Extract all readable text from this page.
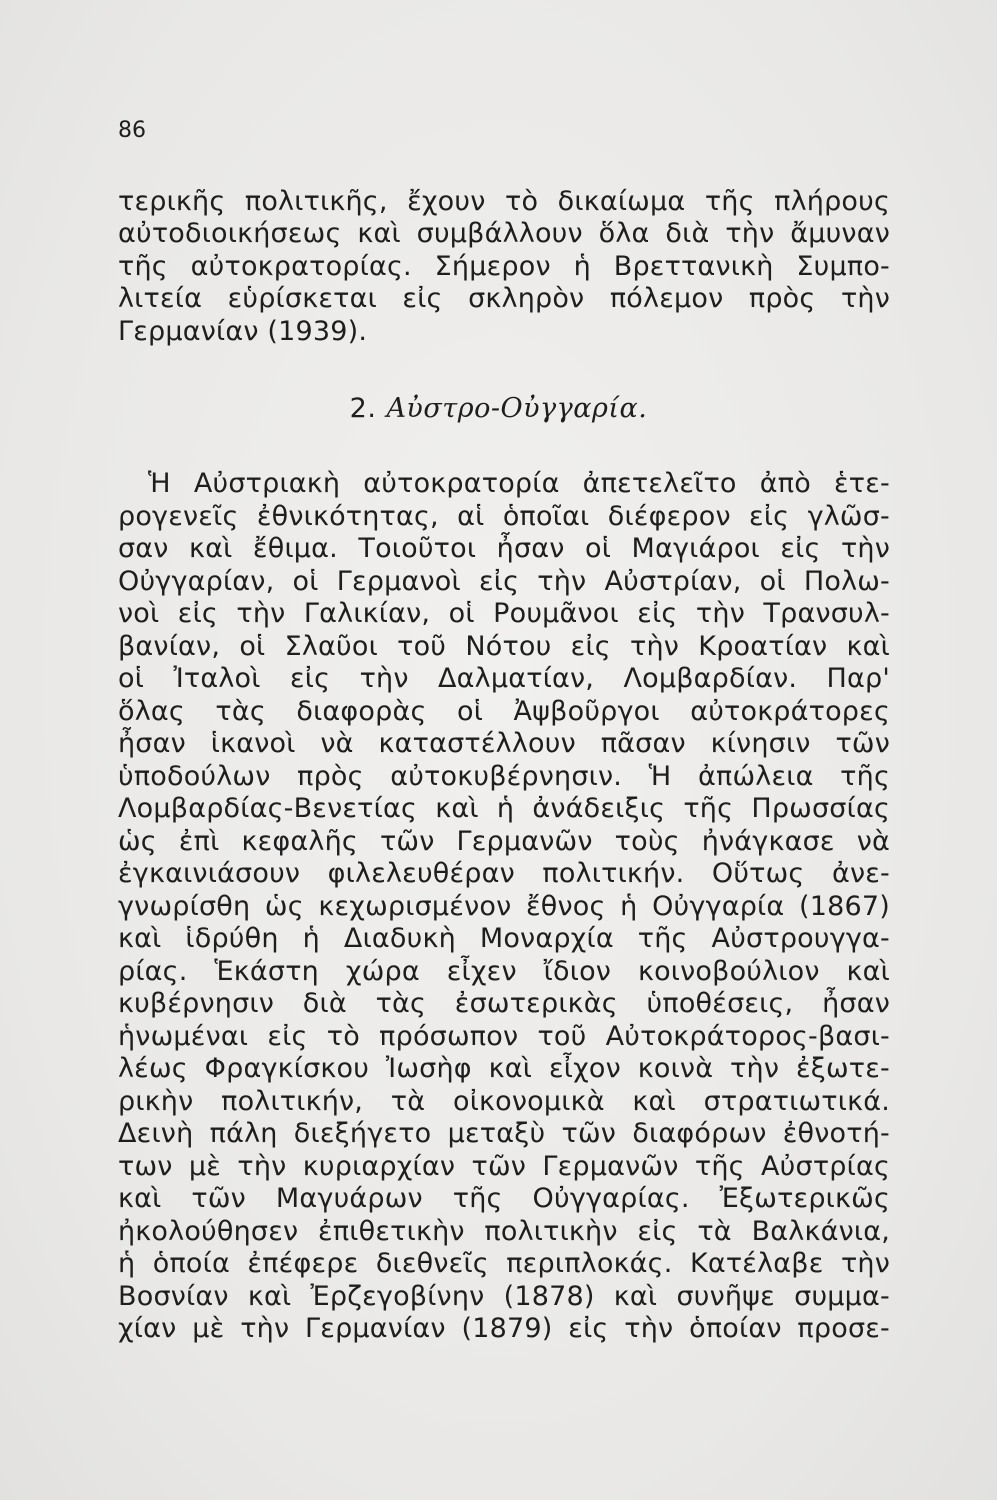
86
τερικῆς πολιτικῆς, ἔχουν τὸ δικαίωμα τῆς πλήρους
αὐτοδιοικήσεως καὶ συμβάλλουν ὅλα διὰ τὴν ἄμυναν
τῆς αὐτοκρατορίας. Σήμερον ἡ Βρεττανικὴ Συμπο-
λιτεία εὑρίσκεται εἰς σκληρὸν πόλεμον πρὸς τὴν
Γερμανίαν (1939).
2. Αὐστρο-Οὐγγαρία.
Ἡ Αὐστριακὴ αὐτοκρατορία ἀπετελεῖτο ἀπὸ ἑτε-
ρογενεῖς ἐθνικότητας, αἱ ὁποῖαι διέφερον εἰς γλῶσ-
σαν καὶ ἔθιμα. Τοιοῦτοι ἦσαν οἱ Μαγιάροι εἰς τὴν
Οὐγγαρίαν, οἱ Γερμανοὶ εἰς τὴν Αὐστρίαν, οἱ Πολω-
νοὶ εἰς τὴν Γαλικίαν, οἱ Ρουμᾶνοι εἰς τὴν Τρανσυλ-
βανίαν, οἱ Σλαῦοι τοῦ Νότου εἰς τὴν Κροατίαν καὶ
οἱ Ἰταλοὶ εἰς τὴν Δαλματίαν, Λομβαρδίαν. Παρ'
ὅλας τὰς διαφορὰς οἱ Ἀψβοῦργοι αὐτοκράτορες
ἦσαν ἱκανοὶ νὰ καταστέλλουν πᾶσαν κίνησιν τῶν
ὑποδούλων πρὸς αὐτοκυβέρνησιν. Ἡ ἀπώλεια τῆς
Λομβαρδίας-Βενετίας καὶ ἡ ἀνάδειξις τῆς Πρωσσίας
ὡς ἐπὶ κεφαλῆς τῶν Γερμανῶν τοὺς ἠνάγκασε νὰ
ἐγκαινιάσουν φιλελευθέραν πολιτικήν. Οὕτως ἀνε-
γνωρίσθη ὡς κεχωρισμένον ἔθνος ἡ Οὐγγαρία (1867)
καὶ ἱδρύθη ἡ Διαδυκὴ Μοναρχία τῆς Αὐστρουγγα-
ρίας. Ἑκάστη χώρα εἶχεν ἴδιον κοινοβούλιον καὶ
κυβέρνησιν διὰ τὰς ἐσωτερικὰς ὑποθέσεις, ἦσαν
ἡνωμέναι εἰς τὸ πρόσωπον τοῦ Αὐτοκράτορος-βασι-
λέως Φραγκίσκου Ἰωσὴφ καὶ εἶχον κοινὰ τὴν ἐξωτε-
ρικὴν πολιτικήν, τὰ οἰκονομικὰ καὶ στρατιωτικά.
Δεινὴ πάλη διεξήγετο μεταξὺ τῶν διαφόρων ἐθνοτή-
των μὲ τὴν κυριαρχίαν τῶν Γερμανῶν τῆς Αὐστρίας
καὶ τῶν Μαγυάρων τῆς Οὐγγαρίας. Ἐξωτερικῶς
ἠκολούθησεν ἐπιθετικὴν πολιτικὴν εἰς τὰ Βαλκάνια,
ἡ ὁποία ἐπέφερε διεθνεῖς περιπλοκάς. Κατέλαβε τὴν
Βοσνίαν καὶ Ἐρζεγοβίνην (1878) καὶ συνῆψε συμμα-
χίαν μὲ τὴν Γερμανίαν (1879) εἰς τὴν ὁποίαν προσε-
